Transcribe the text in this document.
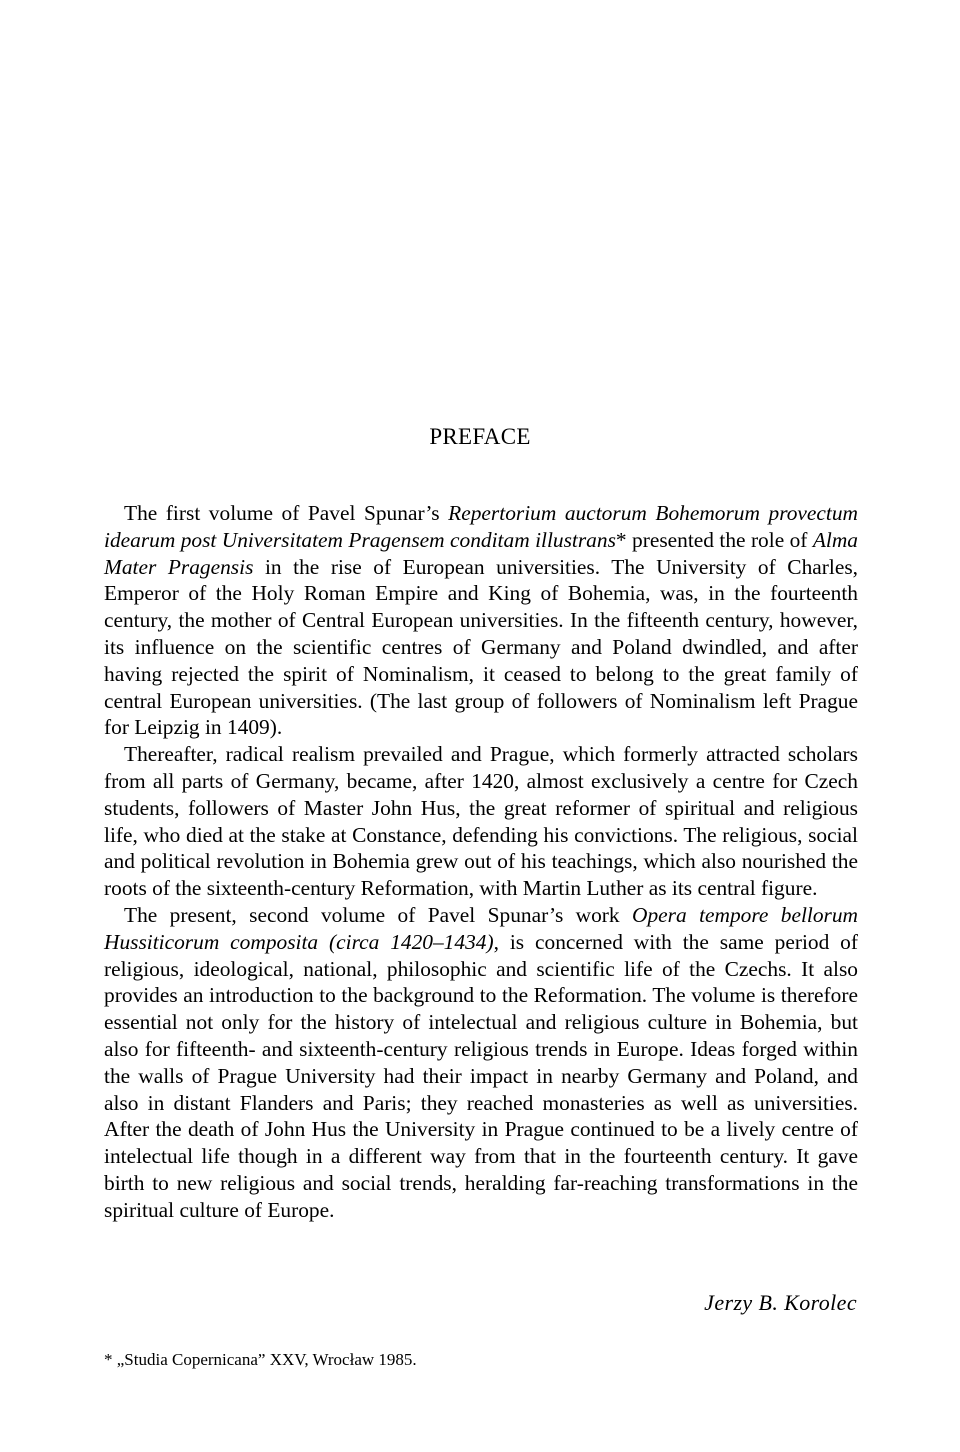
PREFACE

The first volume of Pavel Spunar’s Repertorium auctorum Bohemorum provectum idearum post Universitatem Pragensem conditam illustrans* presented the role of Alma Mater Pragensis in the rise of European universities. The University of Charles, Emperor of the Holy Roman Empire and King of Bohemia, was, in the fourteenth century, the mother of Central European universities. In the fifteenth century, however, its influence on the scientific centres of Germany and Poland dwindled, and after having rejected the spirit of Nominalism, it ceased to belong to the great family of central European universities. (The last group of followers of Nominalism left Prague for Leipzig in 1409).

Thereafter, radical realism prevailed and Prague, which formerly attracted scholars from all parts of Germany, became, after 1420, almost exclusively a centre for Czech students, followers of Master John Hus, the great reformer of spiritual and religious life, who died at the stake at Constance, defending his convictions. The religious, social and political revolution in Bohemia grew out of his teachings, which also nourished the roots of the sixteenth-century Reformation, with Martin Luther as its central figure.

The present, second volume of Pavel Spunar’s work Opera tempore bellorum Hussiticorum composita (circa 1420–1434), is concerned with the same period of religious, ideological, national, philosophic and scientific life of the Czechs. It also provides an introduction to the background to the Reformation. The volume is therefore essential not only for the history of intelectual and religious culture in Bohemia, but also for fifteenth- and sixteenth-century religious trends in Europe. Ideas forged within the walls of Prague University had their impact in nearby Germany and Poland, and also in distant Flanders and Paris; they reached monasteries as well as universities. After the death of John Hus the University in Prague continued to be a lively centre of intelectual life though in a different way from that in the fourteenth century. It gave birth to new religious and social trends, heralding far-reaching transformations in the spiritual culture of Europe.

Jerzy B. Korolec
* „Studia Copernicana” XXV, Wrocław 1985.
